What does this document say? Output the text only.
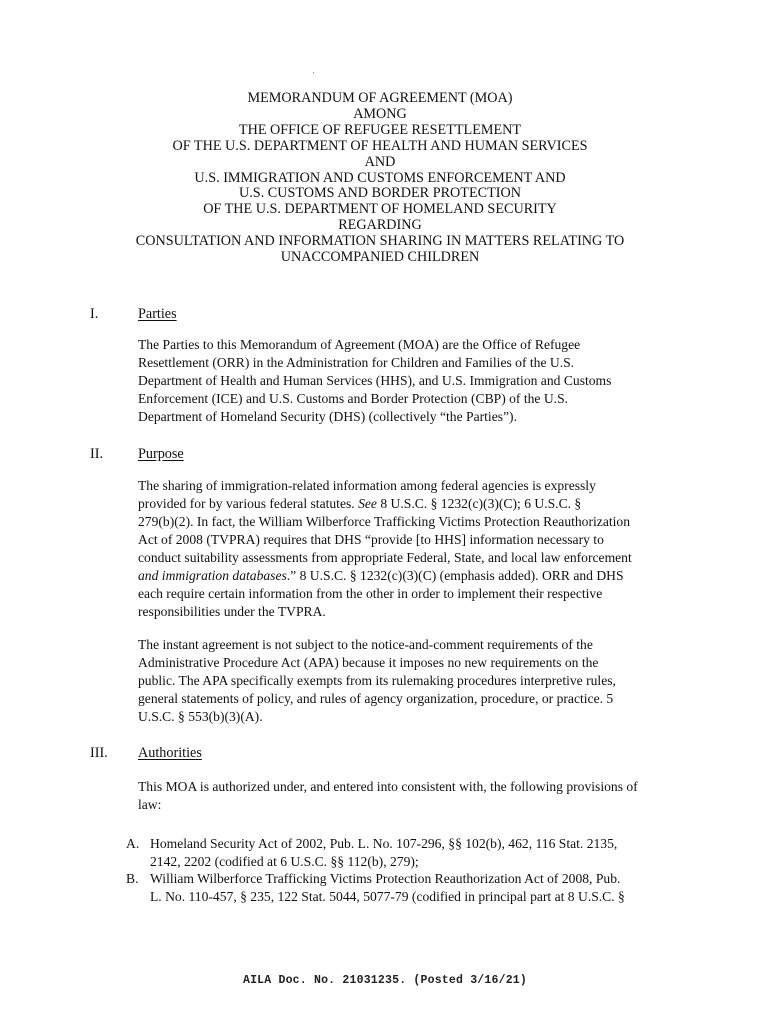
MEMORANDUM OF AGREEMENT (MOA)
AMONG
THE OFFICE OF REFUGEE RESETTLEMENT
OF THE U.S. DEPARTMENT OF HEALTH AND HUMAN SERVICES
AND
U.S. IMMIGRATION AND CUSTOMS ENFORCEMENT AND
U.S. CUSTOMS AND BORDER PROTECTION
OF THE U.S. DEPARTMENT OF HOMELAND SECURITY
REGARDING
CONSULTATION AND INFORMATION SHARING IN MATTERS RELATING TO
UNACCOMPANIED CHILDREN
I.	Parties
The Parties to this Memorandum of Agreement (MOA) are the Office of Refugee
Resettlement (ORR) in the Administration for Children and Families of the U.S.
Department of Health and Human Services (HHS), and U.S. Immigration and Customs
Enforcement (ICE) and U.S. Customs and Border Protection (CBP) of the U.S.
Department of Homeland Security (DHS) (collectively “the Parties”).
II. Purpose
The sharing of immigration-related information among federal agencies is expressly
provided for by various federal statutes. See 8 U.S.C. § 1232(c)(3)(C); 6 U.S.C. §
279(b)(2). In fact, the William Wilberforce Trafficking Victims Protection Reauthorization
Act of 2008 (TVPRA) requires that DHS “provide [to HHS] information necessary to
conduct suitability assessments from appropriate Federal, State, and local law enforcement
and immigration databases.” 8 U.S.C. § 1232(c)(3)(C) (emphasis added). ORR and DHS
each require certain information from the other in order to implement their respective
responsibilities under the TVPRA.
The instant agreement is not subject to the notice-and-comment requirements of the
Administrative Procedure Act (APA) because it imposes no new requirements on the
public. The APA specifically exempts from its rulemaking procedures interpretive rules,
general statements of policy, and rules of agency organization, procedure, or practice. 5
U.S.C. § 553(b)(3)(A).
III. Authorities
This MOA is authorized under, and entered into consistent with, the following provisions of
law:
A. Homeland Security Act of 2002, Pub. L. No. 107-296, §§ 102(b), 462, 116 Stat. 2135,
2142, 2202 (codified at 6 U.S.C. §§ 112(b), 279);
B. William Wilberforce Trafficking Victims Protection Reauthorization Act of 2008, Pub.
L. No. 110-457, § 235, 122 Stat. 5044, 5077-79 (codified in principal part at 8 U.S.C. §
AILA Doc. No. 21031235. (Posted 3/16/21)
